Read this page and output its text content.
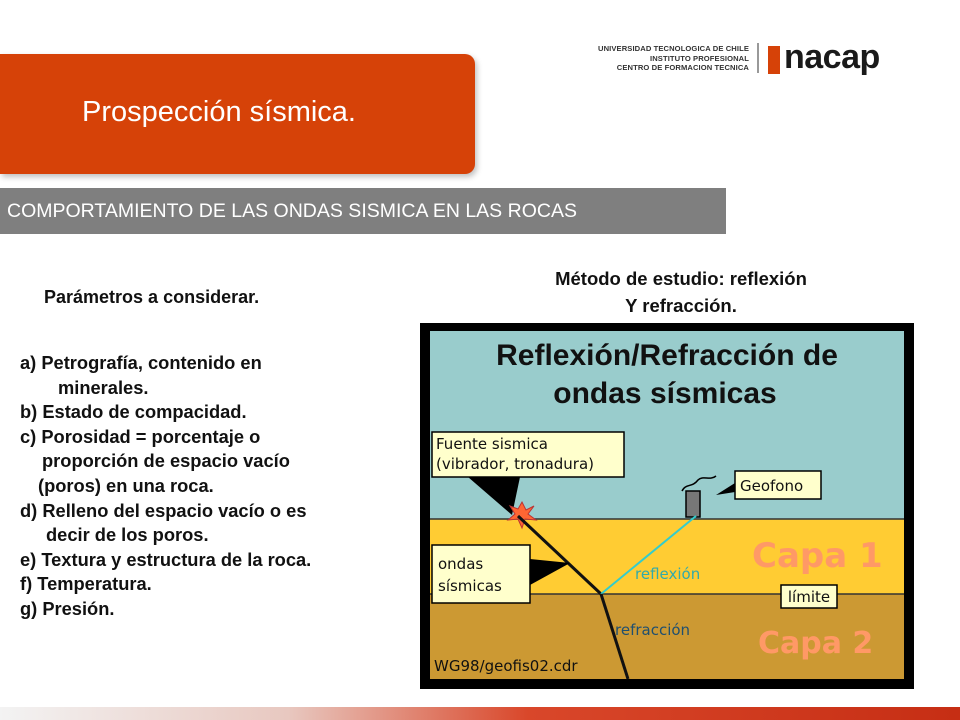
Prospección sísmica.
UNIVERSIDAD TECNOLOGICA DE CHILE
INSTITUTO PROFESIONAL
CENTRO DE FORMACION TECNICA nacap
COMPORTAMIENTO DE LAS ONDAS SISMICA EN LAS ROCAS
Método de estudio: reflexión
Y refracción.
Parámetros a considerar.
a) Petrografía, contenido en
minerales.
b) Estado de compacidad.
c) Porosidad = porcentaje o
proporción de espacio vacío
(poros) en una roca.
d) Relleno del espacio vacío o es
decir de los poros.
e) Textura y estructura de la roca.
f) Temperatura.
g) Presión.
Reflexión/Refracción de
ondas sísmicas
Fuente sismica
(vibrador, tronadura)
Geofono
ondas
sísmicas
reflexión
refracción
Capa 1
Capa 2
límite
WG98/geofis02.cdr
